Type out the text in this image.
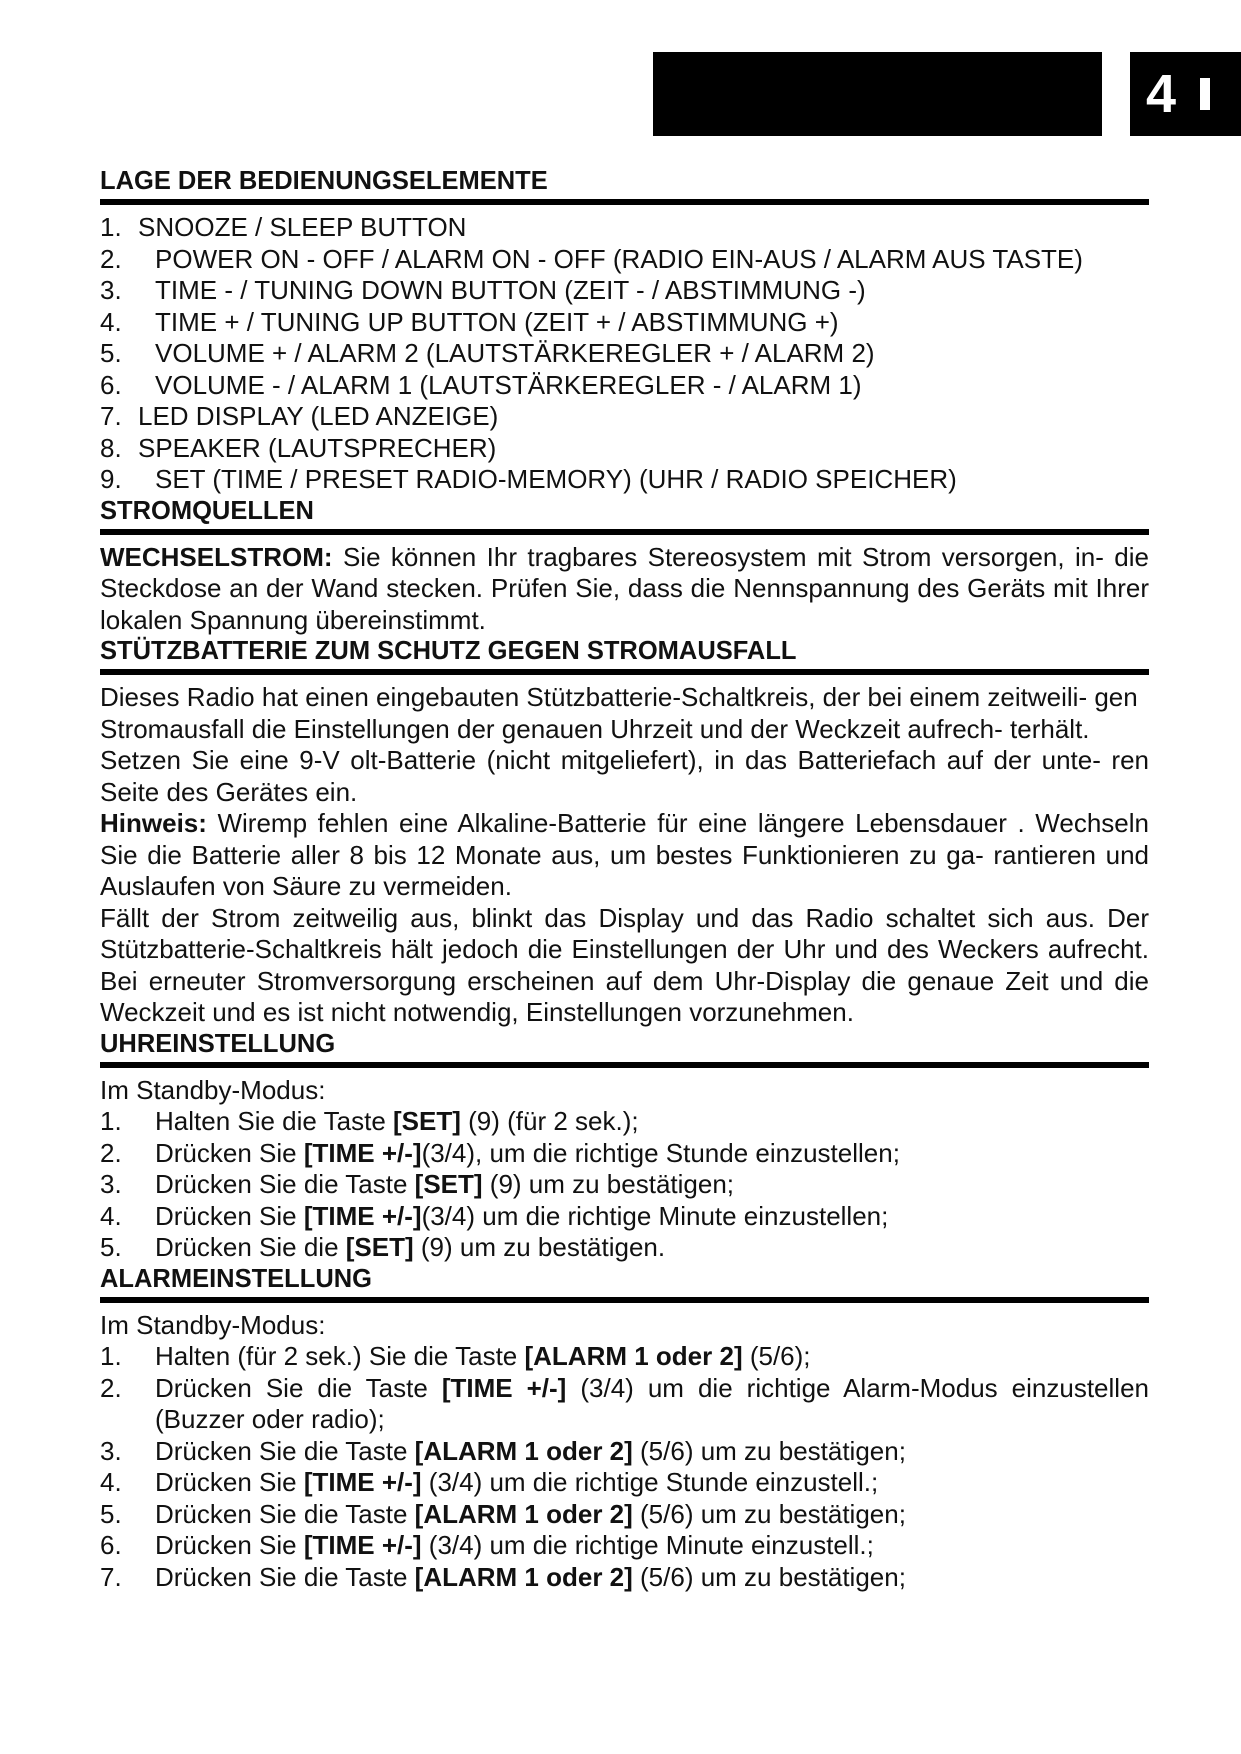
4
LAGE DER BEDIENUNGSELEMENTE
1. SNOOZE / SLEEP BUTTON
2. POWER ON - OFF / ALARM ON - OFF (RADIO EIN-AUS / ALARM AUS TASTE)
3. TIME - / TUNING DOWN BUTTON (ZEIT - / ABSTIMMUNG -)
4. TIME + / TUNING UP BUTTON (ZEIT + / ABSTIMMUNG +)
5. VOLUME + / ALARM 2 (LAUTSTÄRKEREGLER + / ALARM 2)
6. VOLUME - / ALARM 1 (LAUTSTÄRKEREGLER - / ALARM 1)
7. LED DISPLAY (LED ANZEIGE)
8. SPEAKER (LAUTSPRECHER)
9. SET (TIME / PRESET RADIO-MEMORY) (UHR / RADIO SPEICHER)
STROMQUELLEN

WECHSELSTROM: Sie können Ihr tragbares Stereosystem mit Strom versorgen, in- die Steckdose an der Wand stecken. Prüfen Sie, dass die Nennspannung des Geräts mit Ihrer lokalen Spannung übereinstimmt.

STÜTZBATTERIE ZUM SCHUTZ GEGEN STROMAUSFALL

Dieses Radio hat einen eingebauten Stützbatterie-Schaltkreis, der bei einem zeitweili- gen Stromausfall die Einstellungen der genauen Uhrzeit und der Weckzeit aufrech- terhält.

Setzen Sie eine 9-V olt-Batterie (nicht mitgeliefert), in das Batteriefach auf der unte- ren Seite des Gerätes ein.

Hinweis: Wiremp fehlen eine Alkaline-Batterie für eine längere Lebensdauer . Wechseln Sie die Batterie aller 8 bis 12 Monate aus, um bestes Funktionieren zu ga- rantieren und Auslaufen von Säure zu vermeiden.

Fällt der Strom zeitweilig aus, blinkt das Display und das Radio schaltet sich aus. Der Stützbatterie-Schaltkreis hält jedoch die Einstellungen der Uhr und des Weckers aufrecht. Bei erneuter Stromversorgung erscheinen auf dem Uhr-Display die genaue Zeit und die Weckzeit und es ist nicht notwendig, Einstellungen vorzunehmen.

UHREINSTELLUNG

Im Standby-Modus:

1. Halten Sie die Taste [SET] (9) (für 2 sek.);
2. Drücken Sie [TIME +/-](3/4), um die richtige Stunde einzustellen;
3. Drücken Sie die Taste [SET] (9) um zu bestätigen;
4. Drücken Sie [TIME +/-](3/4) um die richtige Minute einzustellen;
5. Drücken Sie die [SET] (9) um zu bestätigen.
ALARMEINSTELLUNG

Im Standby-Modus:

1. Halten (für 2 sek.) Sie die Taste [ALARM 1 oder 2] (5/6);
2. Drücken Sie die Taste [TIME +/-] (3/4) um die richtige Alarm-Modus einzustellen (Buzzer oder radio);
3. Drücken Sie die Taste [ALARM 1 oder 2] (5/6) um zu bestätigen;
4. Drücken Sie [TIME +/-] (3/4) um die richtige Stunde einzustell.;
5. Drücken Sie die Taste [ALARM 1 oder 2] (5/6) um zu bestätigen;
6. Drücken Sie [TIME +/-] (3/4) um die richtige Minute einzustell.;
7. Drücken Sie die Taste [ALARM 1 oder 2] (5/6) um zu bestätigen;
